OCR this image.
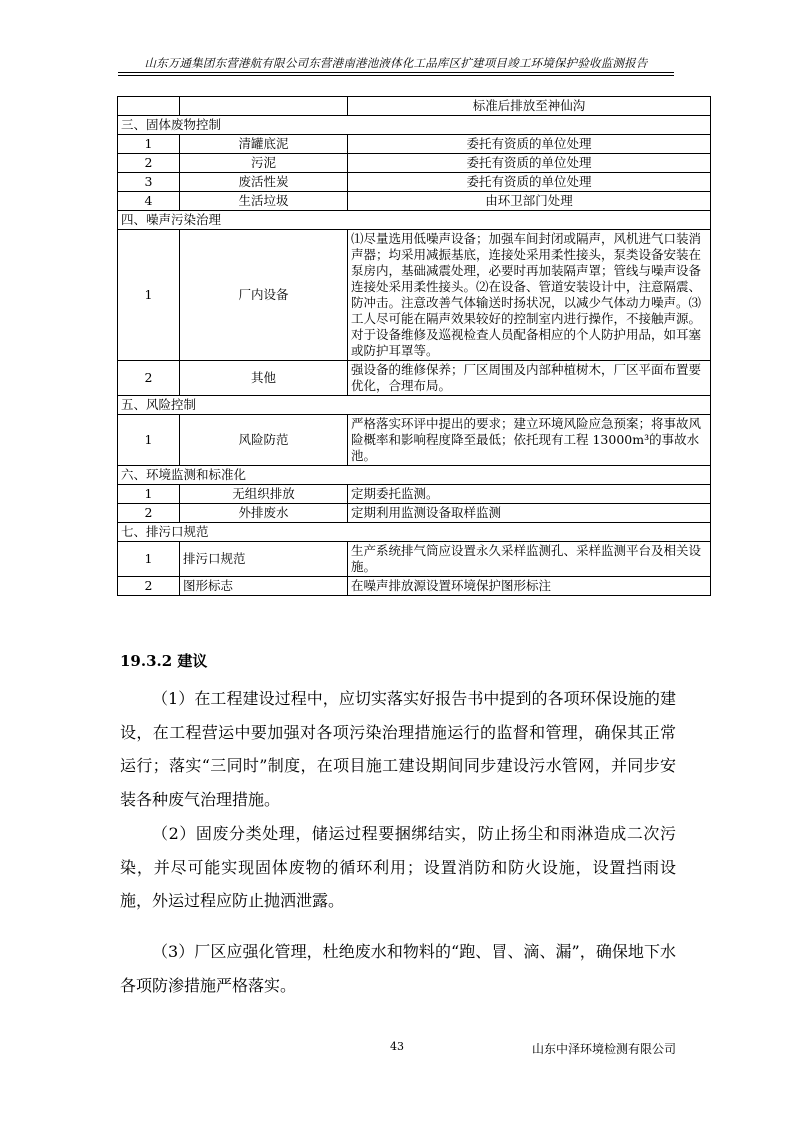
山东万通集团东营港航有限公司东营港南港池液体化工品库区扩建项目竣工环境保护验收监测报告
		标准后排放至神仙沟
三、固体废物控制		
1	清罐底泥	委托有资质的单位处理
2	污泥	委托有资质的单位处理
3	废活性炭	委托有资质的单位处理
4	生活垃圾	由环卫部门处理
四、噪声污染治理		
1	厂内设备	⑴尽量选用低噪声设备；加强车间封闭或隔声，风机进气口装消声器；均采用减振基底，连接处采用柔性接头，泵类设备安装在泵房内，基础减震处理，必要时再加装隔声罩；管线与噪声设备连接处采用柔性接头。⑵在设备、管道安装设计中，注意隔震、防冲击。注意改善气体输送时扬状况，以减少气体动力噪声。⑶工人尽可能在隔声效果较好的控制室内进行操作，不接触声源。对于设备维修及巡视检查人员配备相应的个人防护用品，如耳塞或防护耳罩等。
2	其他	强设备的维修保养；厂区周围及内部种植树木，厂区平面布置要优化，合理布局。
五、风险控制		
1	风险防范	严格落实环评中提出的要求；建立环境风险应急预案；将事故风险概率和影响程度降至最低；依托现有工程 13000m³的事故水池。
六、环境监测和标准化		
1	无组织排放	定期委托监测。
2	外排废水	定期利用监测设备取样监测
七、排污口规范		
1	排污口规范	生产系统排气筒应设置永久采样监测孔、采样监测平台及相关设施。
2	图形标志	在噪声排放源设置环境保护图形标注
19.3.2 建议

（1）在工程建设过程中，应切实落实好报告书中提到的各项环保设施的建设，在工程营运中要加强对各项污染治理措施运行的监督和管理，确保其正常运行；落实“三同时”制度，在项目施工建设期间同步建设污水管网，并同步安装各种废气治理措施。

（2）固废分类处理，储运过程要捆绑结实，防止扬尘和雨淋造成二次污染，并尽可能实现固体废物的循环利用；设置消防和防火设施，设置挡雨设施，外运过程应防止抛洒泄露。

（3）厂区应强化管理，杜绝废水和物料的“跑、冒、滴、漏”，确保地下水各项防渗措施严格落实。

43	山东中泽环境检测有限公司
